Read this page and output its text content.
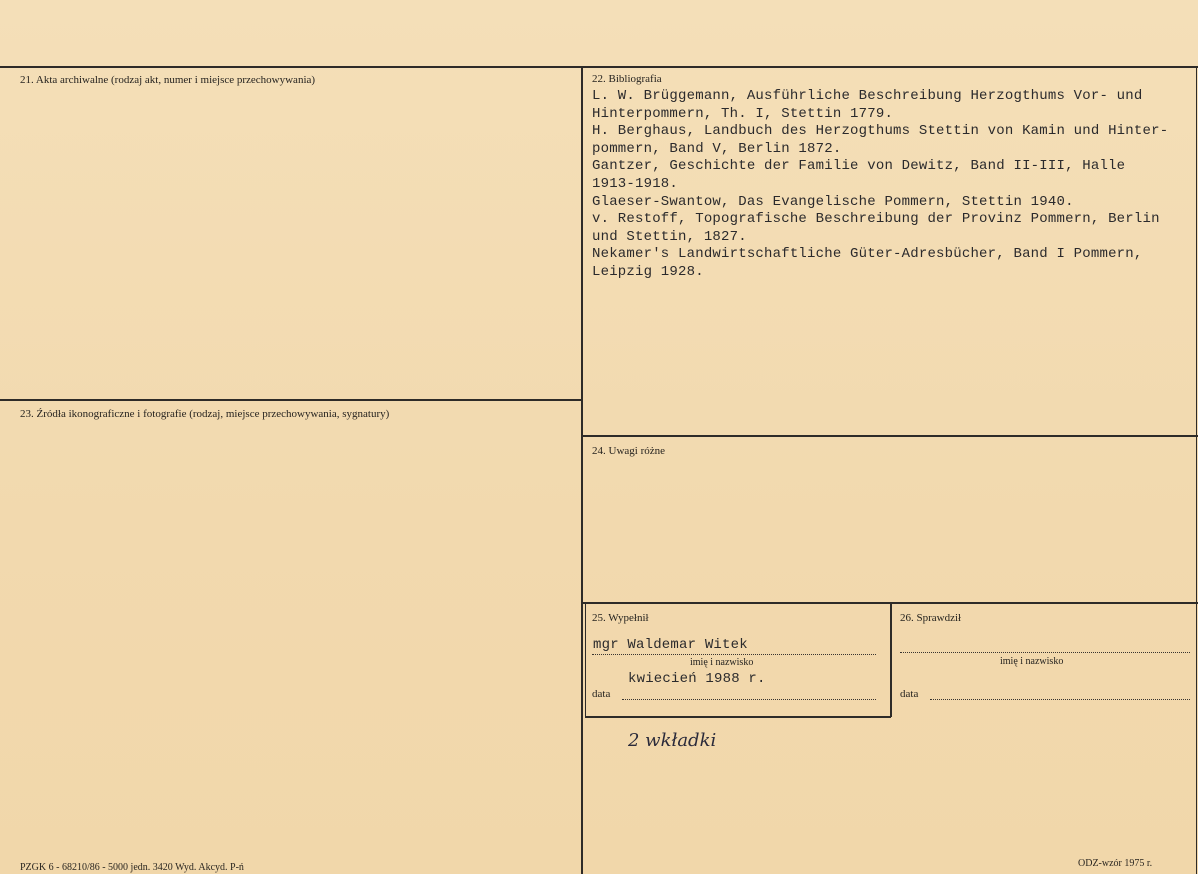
21. Akta archiwalne (rodzaj akt, numer i miejsce przechowywania)	22. Bibliografia
L. W. Brüggemann, Ausführliche Beschreibung Herzogthums Vor- und
Hinterpommern, Th. I, Stettin 1779.
H. Berghaus, Landbuch des Herzogthums Stettin von Kamin und Hinter-
pommern, Band V, Berlin 1872.
Gantzer, Geschichte der Familie von Dewitz, Band II-III, Halle
1913-1918.
Glaeser-Swantow, Das Evangelische Pommern, Stettin 1940.
v. Restoff, Topografische Beschreibung der Provinz Pommern, Berlin
und Stettin, 1827.
Nekamer's Landwirtschaftliche Güter-Adresbücher, Band I Pommern,
Leipzig 1928.
23. Źródła ikonograficzne i fotografie (rodzaj, miejsce przechowywania, sygnatury)
24. Uwagi różne
25. Wypełnił
mgr Waldemar Witek
imię i nazwisko
kwiecień 1988 r.
data
26. Sprawdził
imię i nazwisko
data
2 wkładki
PZGK 6 - 68210/86 - 5000 jedn. 3420 Wyd. Akcyd. P-ń	ODZ-wzór 1975 r.
